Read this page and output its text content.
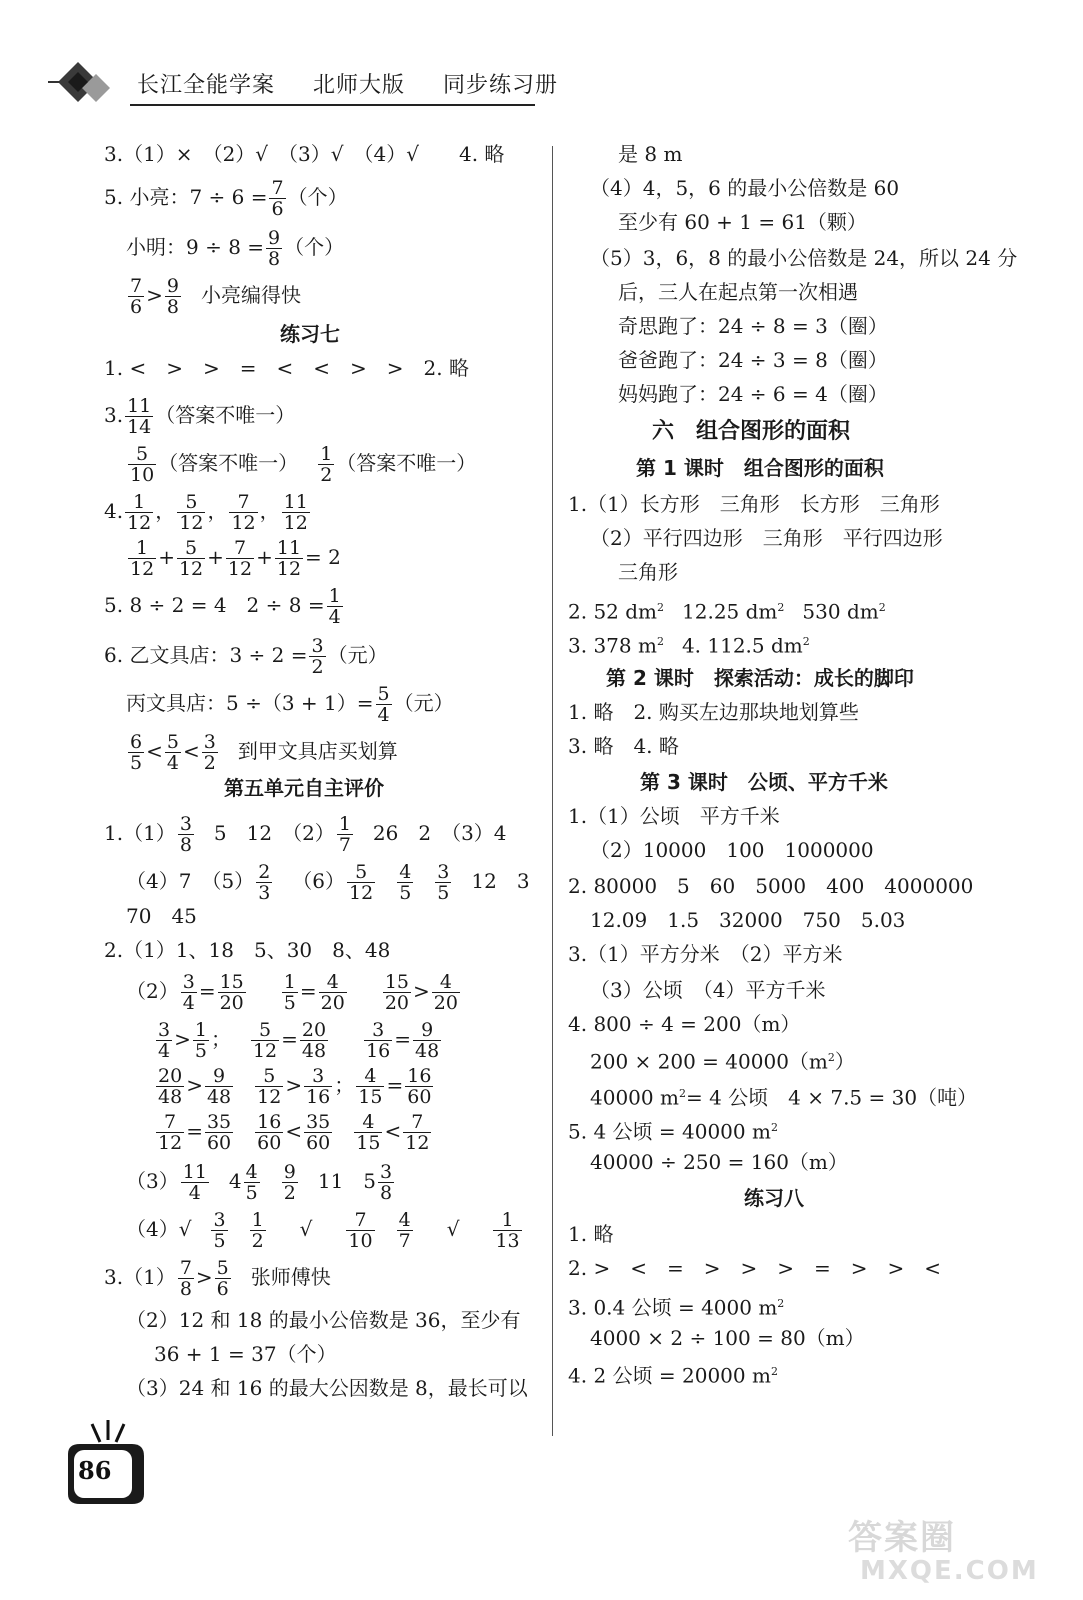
长江全能学案 北师大版 同步练习册
3.（1）×　（2）√　（3）√　（4）√　　4. 略
5. 小亮：$7 \div 6 = \frac{7}{6}$ （个）
小明：$9 \div 8 = \frac{9}{8}$ （个）
$\frac{7}{6} > \frac{9}{8}$ 小亮编得快
练习七
1. <　>　>　=　<　<　>　>　2. 略
3. $\frac{11}{14}$ （答案不唯一）
$\frac{5}{10}$ （答案不唯一） $\frac{1}{2}$ （答案不唯一）
4. $\frac{1}{12}$ ， $\frac{5}{12}$ ， $\frac{7}{12}$ ， $\frac{11}{12}$
$\frac{1}{12} + \frac{5}{12} + \frac{7}{12} + \frac{11}{12} = 2$
5. 8 ÷ 2 = 4　$2 \div 8 = \frac{1}{4}$
6. 乙文具店：$3 \div 2 = \frac{3}{2}$ （元）
丙文具店：$5 \div(3 + 1)= \frac{5}{4}$ （元）
$\frac{6}{5} < \frac{5}{4} < \frac{3}{2}$ 到甲文具店买划算
第五单元自主评价
$1.(1) \frac{3}{8} 5$　12　$(2) \frac{1}{7} 26$　2　（3）4
（4）7　$(5) \frac{2}{3} (6) \frac{5}{12} \frac{4}{5} \frac{3}{5} 12$　3
70　45
2.（1）1、18　5、30　8、48
$(2) \frac{3}{4} = \frac{15}{20} \frac{1}{5} = \frac{4}{20} \frac{15}{20} > \frac{4}{20}$
$\frac{3}{4} > \frac{1}{5}$ ； $\frac{5}{12} = \frac{20}{48} \frac{3}{16} = \frac{9}{48}$
$\frac{20}{48} > \frac{9}{48} \frac{5}{12} > \frac{3}{16}$ ； $\frac{4}{15} = \frac{16}{60}$
$\frac{7}{12} = \frac{35}{60} \frac{16}{60} < \frac{35}{60} \frac{4}{15} < \frac{7}{12}$
$(3) \frac{11}{4} 4 \frac{4}{5} \frac{9}{2} 11$　$5 \frac{3}{8}$
$(4)√ \frac{3}{5} \frac{1}{2}$ √ $\frac{7}{10} \frac{4}{7}$ √ $\frac{1}{13}$
$3.(1) \frac{7}{8} > \frac{5}{6}$ 张师傅快
（2）12 和 18 的最小公倍数是 36，至少有
36 + 1 = 37（个）
（3）24 和 16 的最大公因数是 8，最长可以
是 8 m
（4）4，5，6 的最小公倍数是 60
至少有 60 + 1 = 61（颗）
（5）3，6，8 的最小公倍数是 24，所以 24 分
后，三人在起点第一次相遇
奇思跑了：24 ÷ 8 = 3（圈）
爸爸跑了：24 ÷ 3 = 8（圈）
妈妈跑了：24 ÷ 6 = 4（圈）
六　组合图形的面积
第 1 课时　组合图形的面积
1.（1）长方形　三角形　长方形　三角形
（2）平行四边形　三角形　平行四边形
三角形
2. 52 $dm^2$ 12.25 $dm^2$ 530 $dm^2$
3. 378 $m^2$ 4. 112.5 $dm^2$
第 2 课时　探索活动：成长的脚印
1. 略　2. 购买左边那块地划算些
3. 略　4. 略
第 3 课时　公顷、平方千米
1.（1）公顷　平方千米
（2）10000　100　1000000
2. 80000　5　60　5000　400　4000000
12.09　1.5　32000　750　5.03
3.（1）平方分米　（2）平方米
（3）公顷　（4）平方千米
4. 800 ÷ 4 = 200（m）
$200 \times 200 = 40000(m^2)$
40000 $m^2= 4$ 公顷　4 × 7.5 = 30（吨）
5. 4 公顷 = 40000 $m^2$
40000 ÷ 250 = 160（m）
练习八
1. 略
2. >　<　=　>　>　>　=　>　>　<
3. 0.4 公顷 = 4000 $m^2$
4000 × 2 ÷ 100 = 80（m）
4. 2 公顷 = 20000 $m^2$
86
答案圈
MXQE.COM
